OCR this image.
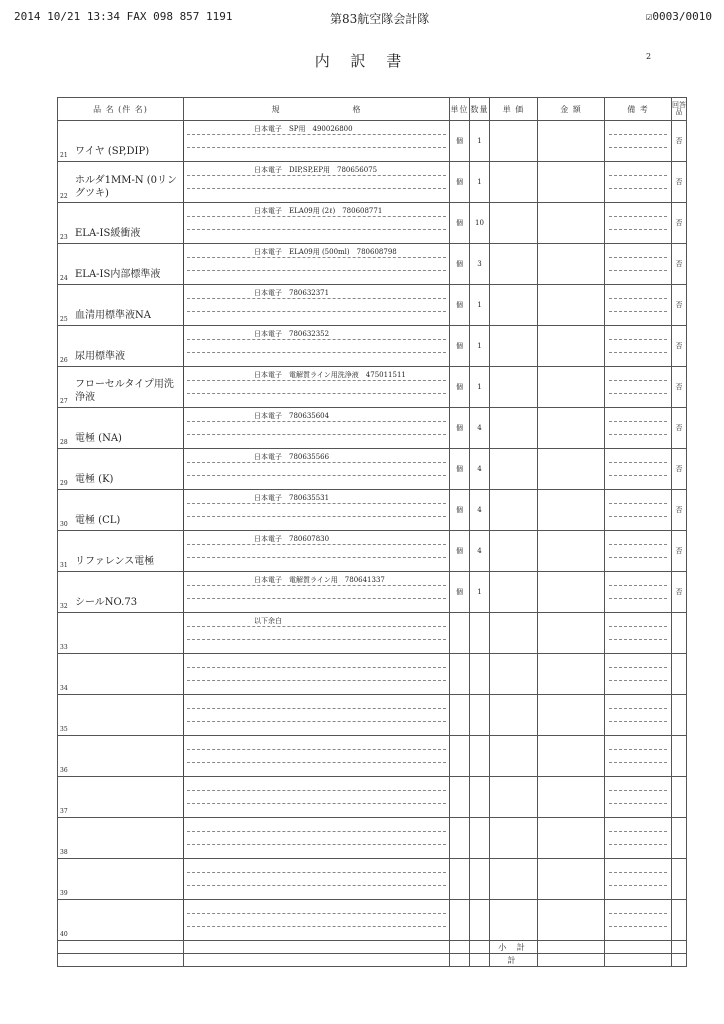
2014 10/21 13:34 FAX 098 857 1191	第83航空隊会計隊	☑0003/0010
内 訳 書	2
品 名 (件 名)	規　　　　　　　　格	単位	数量	単 価	金 額	備 考	回答品

21 ワイヤ (SP,DIP)	日本電子　SP用　490026800	個	1				否

22
ホルダ1MM-N (0リングツキ)	日本電子　DIP,SP,EP用　780656075	個	1				否

23 ELA-IS緩衝液	日本電子　ELA09用 (2ℓ)　780608771	個	10				否

24 ELA-IS内部標準液	日本電子　ELA09用 (500ml)　780608798	個	3				否

25 血清用標準液NA	日本電子　780632371	個	1				否

26 尿用標準液	日本電子　780632352	個	1				否

27
フローセルタイプ用洗浄液	日本電子　電解質ライン用洗浄液　475011511	個	1				否

28 電極 (NA)	日本電子　780635604	個	4				否

29 電極 (K)	日本電子　780635566	個	4				否

30 電極 (CL)	日本電子　780635531	個	4				否

31 リファレンス電極	日本電子　780607830	個	4				否

32 シールNO.73	日本電子　電解質ライン用　780641337	個	1				否

33	以下余白						

34							

35							

36							

37							

38							

39							

40							

				小 計			
				計			
